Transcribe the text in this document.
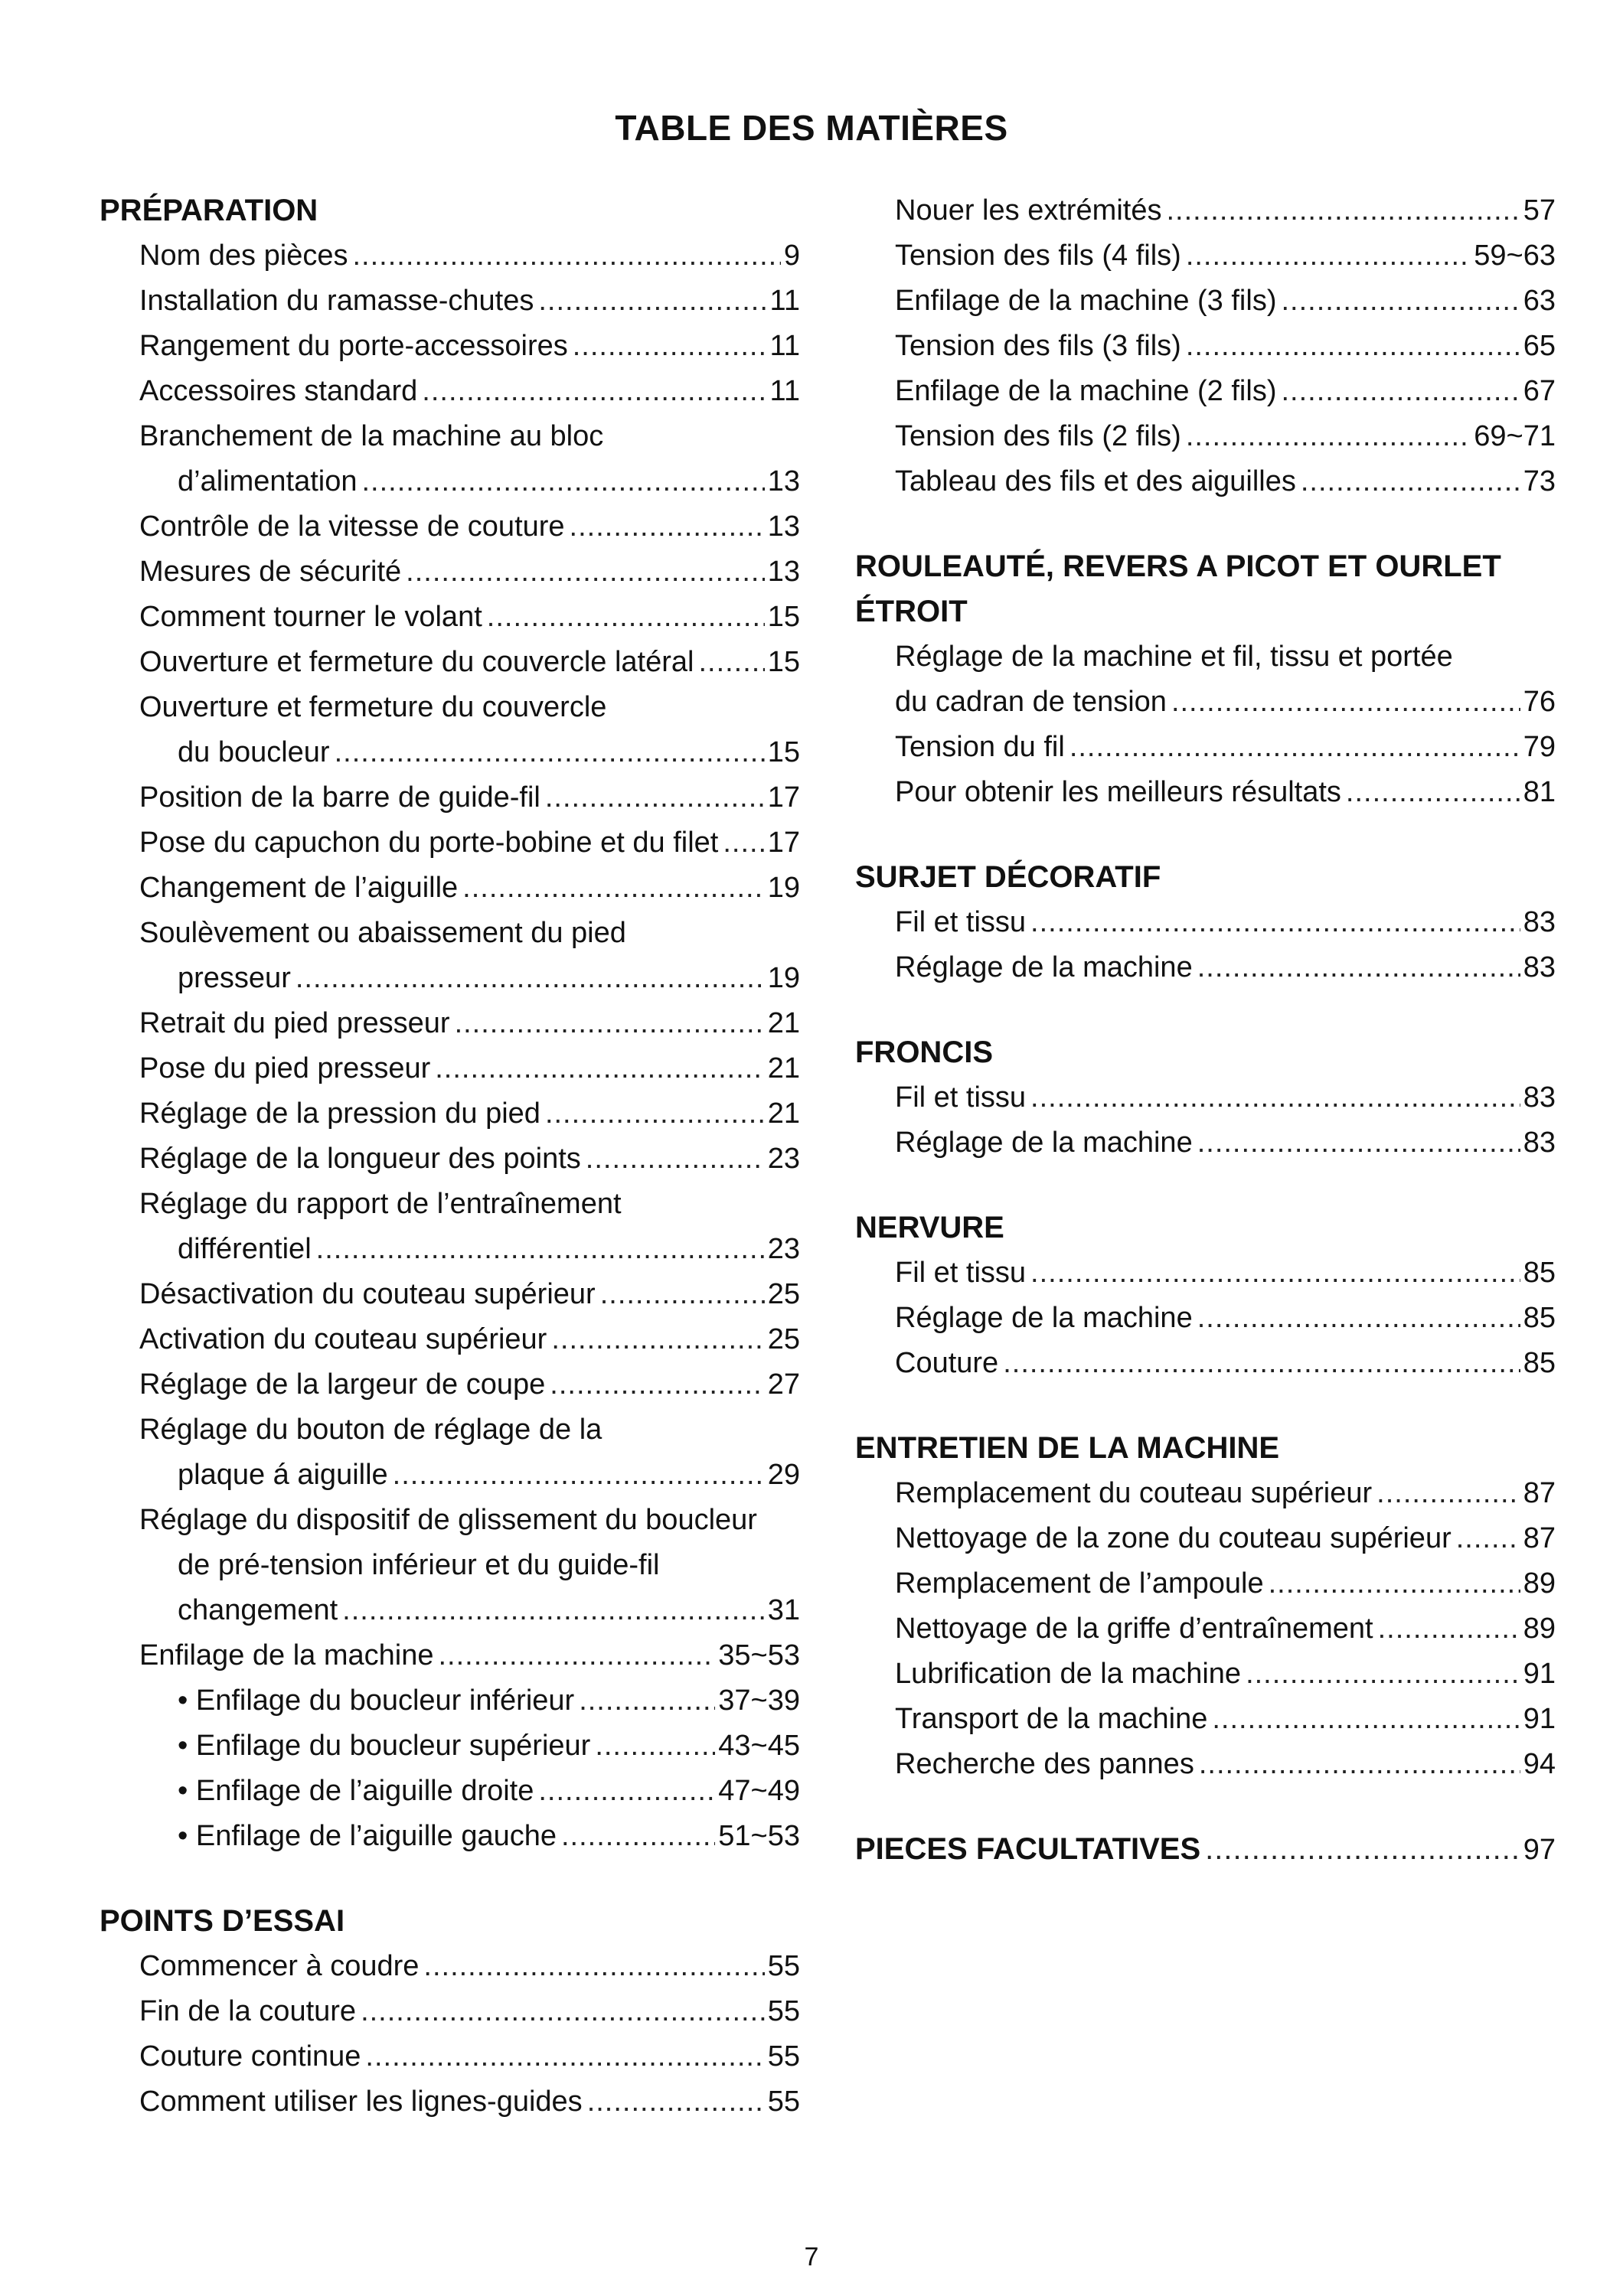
TABLE DES MATIÈRES
PRÉPARATION
Nom des pièces .....	9
Installation du ramasse-chutes .....	11
Rangement du porte-accessoires .....	11
Accessoires standard .....	11
Branchement de la machine au bloc
d’alimentation .....	13
Contrôle de la vitesse de couture .....	13
Mesures de sécurité .....	13
Comment tourner le volant .....	15
Ouverture et fermeture du couvercle latéral .....	15
Ouverture et fermeture du couvercle
du boucleur .....	15
Position de la barre de guide-fil .....	17
Pose du capuchon du porte-bobine et du filet ..... 17
Changement de l’aiguille .....	19
Soulèvement ou abaissement du pied
presseur .....	19
Retrait du pied presseur .....	21
Pose du pied presseur .....	21
Réglage de la pression du pied .....	21
Réglage de la longueur des points .....	23
Réglage du rapport de l’entraînement
différentiel .....	23
Désactivation du couteau supérieur .....	25
Activation du couteau supérieur .....	25
Réglage de la largeur de coupe .....	27
Réglage du bouton de réglage de la
plaque á aiguille .....	29
Réglage du dispositif de glissement du boucleur
de pré-tension inférieur et du guide-fil
changement .....	31
Enfilage de la machine .....	35~53
• Enfilage du boucleur inférieur .....	37~39
• Enfilage du boucleur supérieur .....	43~45
• Enfilage de l’aiguille droite .....	47~49
• Enfilage de l’aiguille gauche .....	51~53
POINTS D’ESSAI
Commencer à coudre .....	55
Fin de la couture .....	55
Couture continue .....	55
Comment utiliser les lignes-guides .....	55
Nouer les extrémités .....	57
Tension des fils (4 fils) .....	59~63
Enfilage de la machine (3 fils) .....	63
Tension des fils (3 fils) .....	65
Enfilage de la machine (2 fils) .....	67
Tension des fils (2 fils) .....	69~71
Tableau des fils et des aiguilles .....	73
ROULEAUTÉ, REVERS A PICOT ET OURLET
ÉTROIT
Réglage de la machine et fil, tissu et portée
du cadran de tension .....	76
Tension du fil .....	79
Pour obtenir les meilleurs résultats .....	81
SURJET DÉCORATIF
Fil et tissu .....	83
Réglage de la machine .....	83
FRONCIS
Fil et tissu .....	83
Réglage de la machine .....	83
NERVURE
Fil et tissu .....	85
Réglage de la machine .....	85
Couture .....	85
ENTRETIEN DE LA MACHINE
Remplacement du couteau supérieur .....	87
Nettoyage de la zone du couteau supérieur ..... 87
Remplacement de l’ampoule .....	89
Nettoyage de la griffe d’entraînement .....	89
Lubrification de la machine .....	91
Transport de la machine .....	91
Recherche des pannes .....	94
PIECES FACULTATIVES .....	97
7
